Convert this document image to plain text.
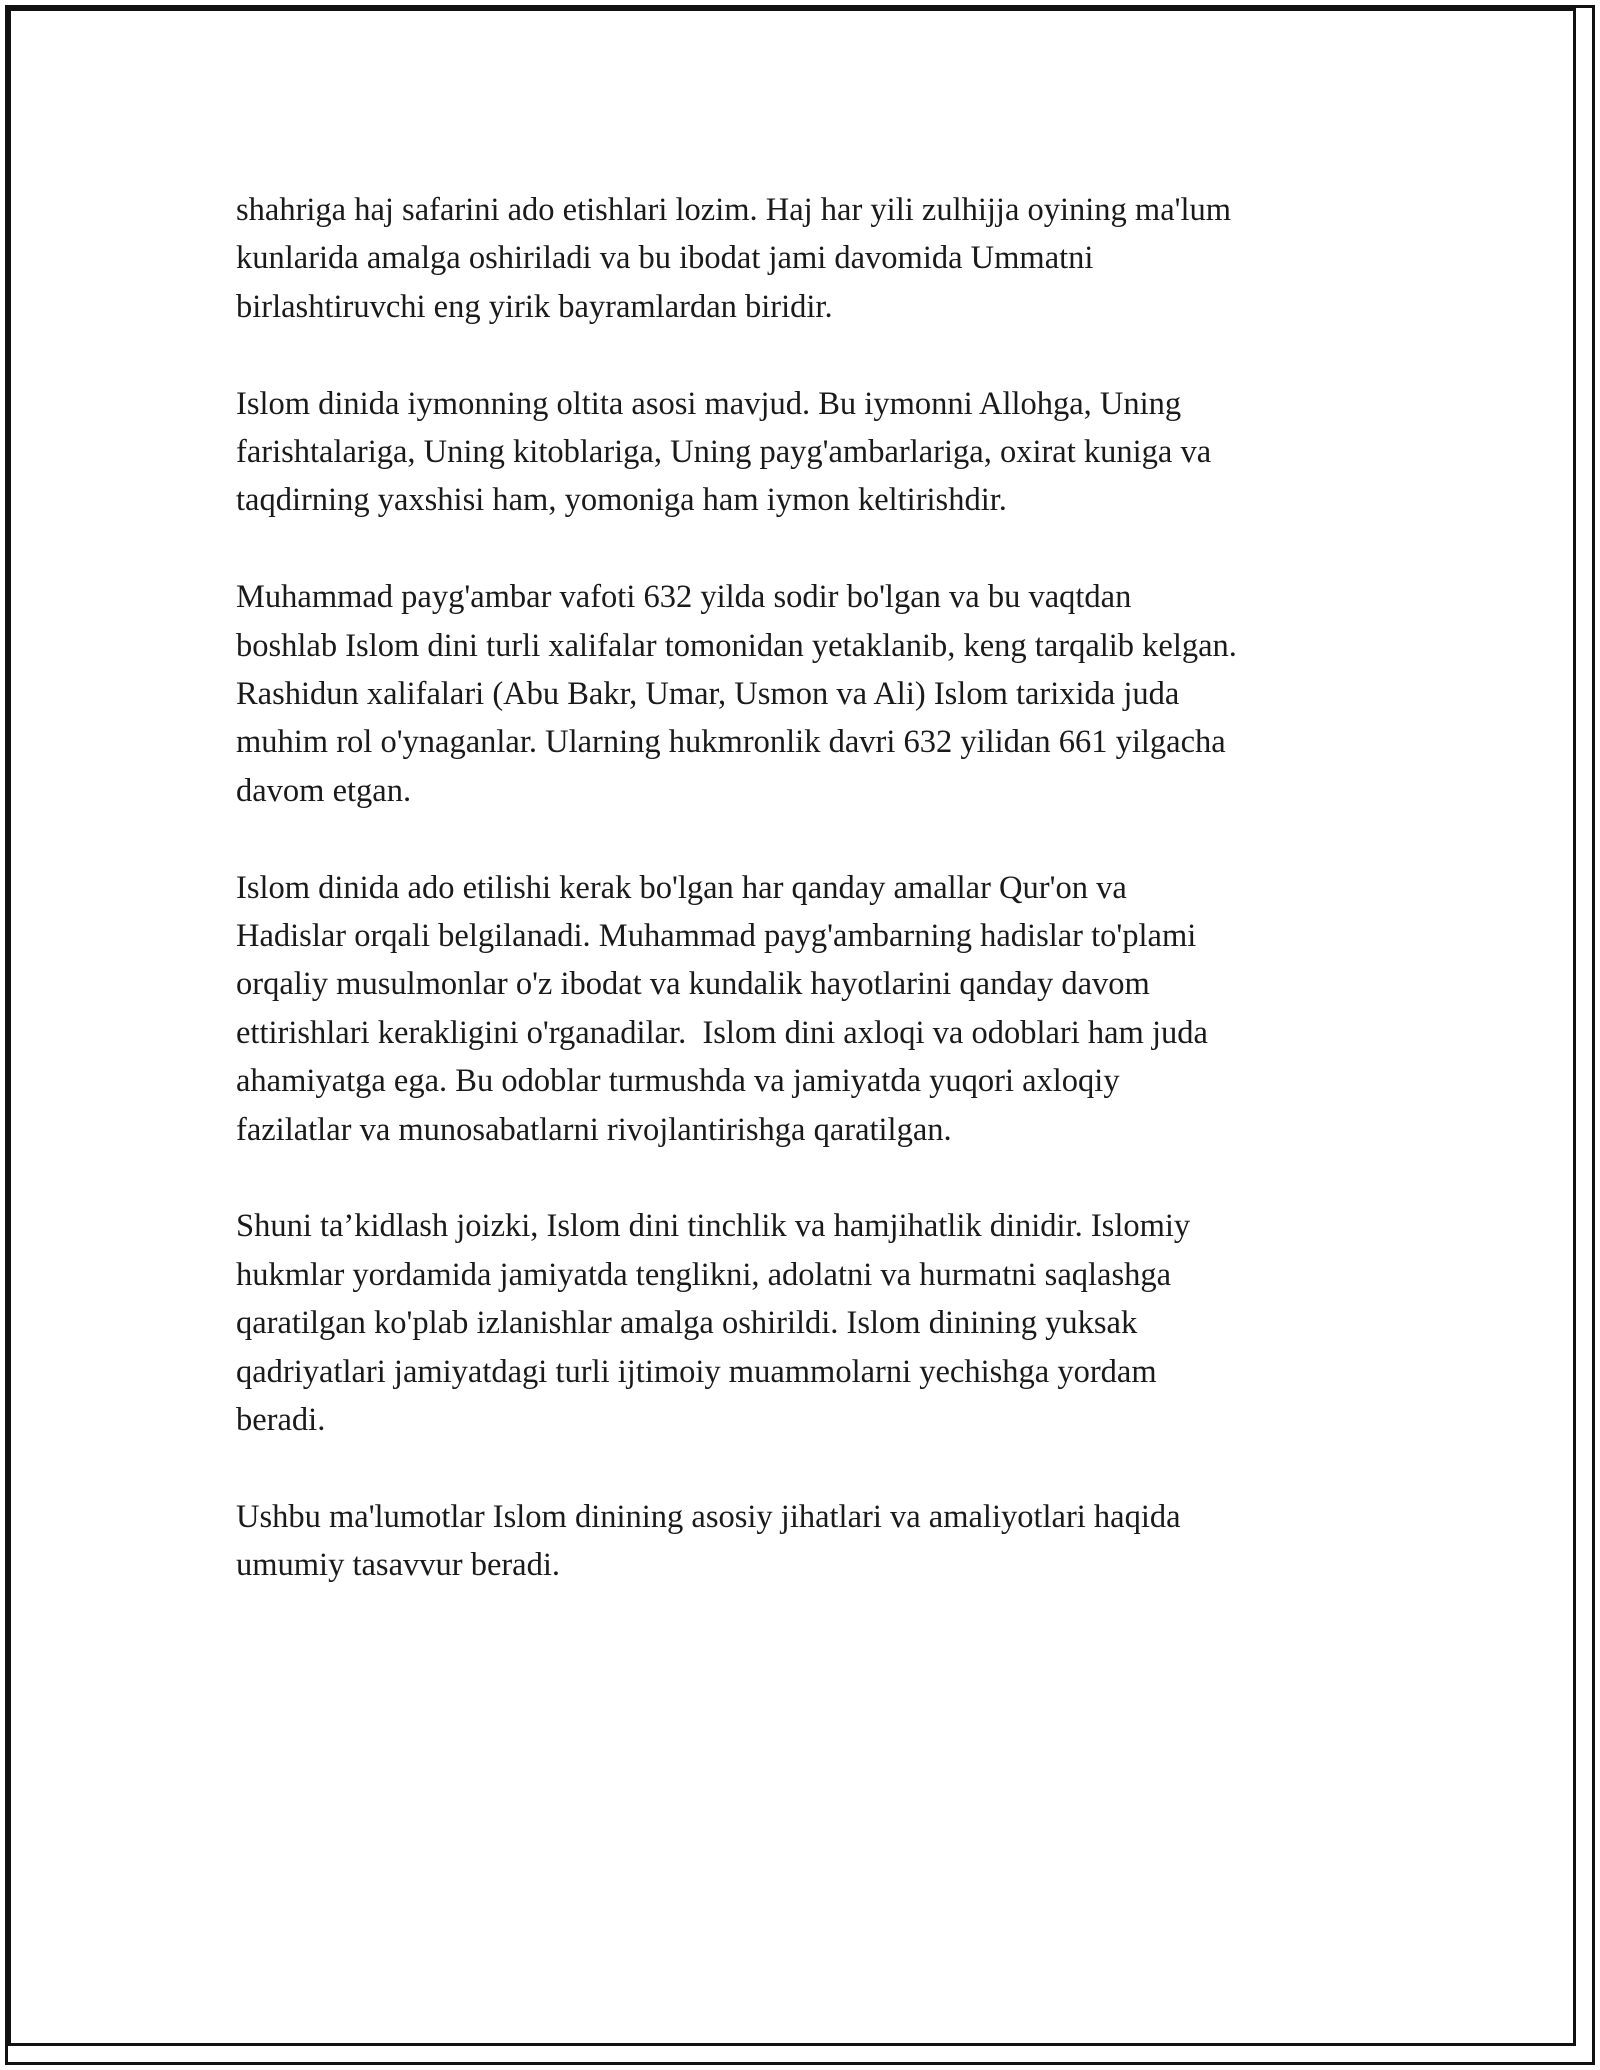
shahriga haj safarini ado etishlari lozim. Haj har yili zulhijja oyining ma'lum
kunlarida amalga oshiriladi va bu ibodat jami davomida Ummatni
birlashtiruvchi eng yirik bayramlardan biridir.

Islom dinida iymonning oltita asosi mavjud. Bu iymonni Allohga, Uning
farishtalariga, Uning kitoblariga, Uning payg'ambarlariga, oxirat kuniga va
taqdirning yaxshisi ham, yomoniga ham iymon keltirishdir.

Muhammad payg'ambar vafoti 632 yilda sodir bo'lgan va bu vaqtdan
boshlab Islom dini turli xalifalar tomonidan yetaklanib, keng tarqalib kelgan.
Rashidun xalifalari (Abu Bakr, Umar, Usmon va Ali) Islom tarixida juda
muhim rol o'ynaganlar. Ularning hukmronlik davri 632 yilidan 661 yilgacha
davom etgan.

Islom dinida ado etilishi kerak bo'lgan har qanday amallar Qur'on va
Hadislar orqali belgilanadi. Muhammad payg'ambarning hadislar to'plami
orqaliy musulmonlar o'z ibodat va kundalik hayotlarini qanday davom
ettirishlari kerakligini o'rganadilar.  Islom dini axloqi va odoblari ham juda
ahamiyatga ega. Bu odoblar turmushda va jamiyatda yuqori axloqiy
fazilatlar va munosabatlarni rivojlantirishga qaratilgan.

Shuni ta’kidlash joizki, Islom dini tinchlik va hamjihatlik dinidir. Islomiy
hukmlar yordamida jamiyatda tenglikni, adolatni va hurmatni saqlashga
qaratilgan ko'plab izlanishlar amalga oshirildi. Islom dinining yuksak
qadriyatlari jamiyatdagi turli ijtimoiy muammolarni yechishga yordam
beradi.

Ushbu ma'lumotlar Islom dinining asosiy jihatlari va amaliyotlari haqida
umumiy tasavvur beradi.
